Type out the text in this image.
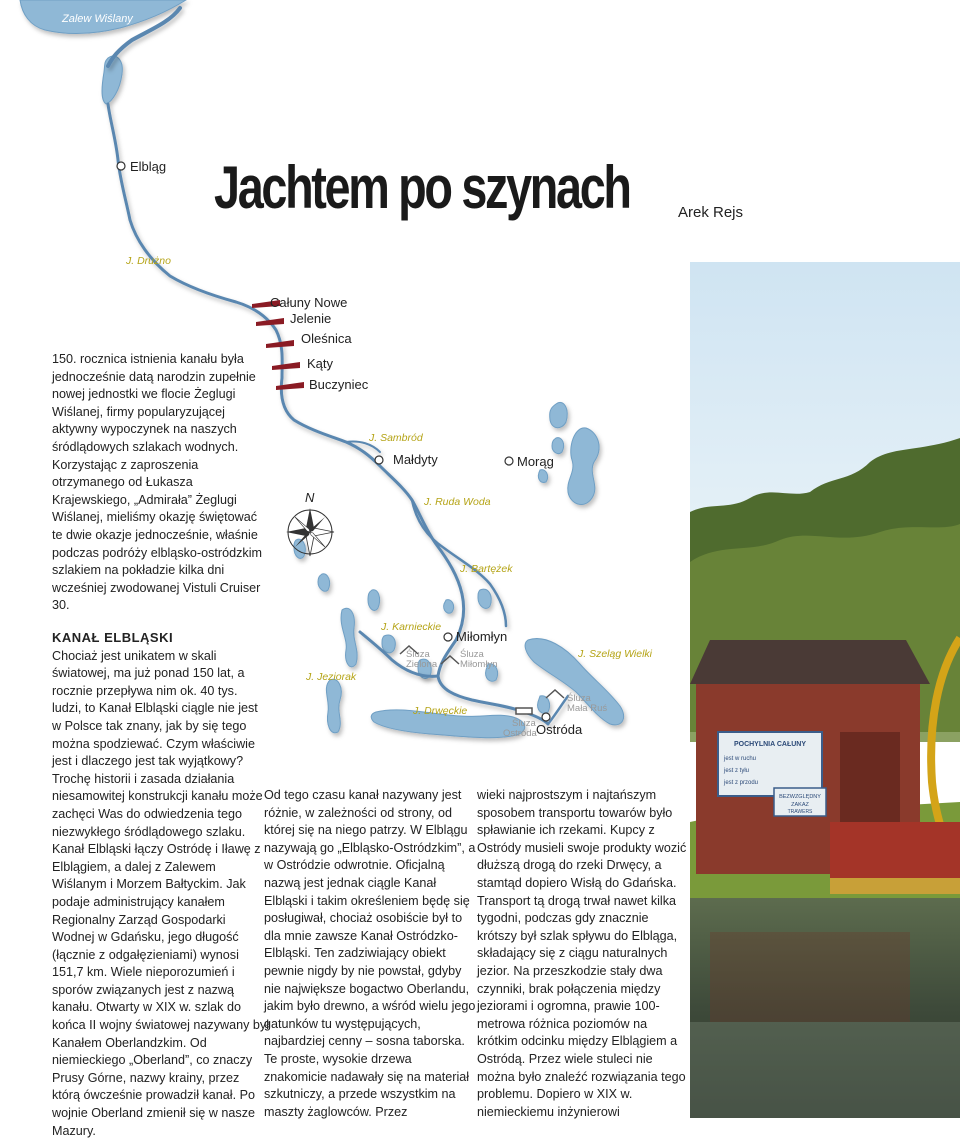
Zalew Wiślany
Elbląg
J. Drużno
Całuny Nowe
Jelenie
Oleśnica
Kąty
Buczyniec
J. Sambród
Małdyty	Morąg
N	J. Ruda Woda
J. Bartężek
J. Karnieckie
Miłomłyn
Śluza
Zielona
Śluza
Miłomłyn
J. Szeląg Wielki
J. Jeziorak
Śluza
Mała Ruś
J. Drwęckie
Śluza
Ostróda Ostróda
Jachtem po szynach	Arek Rejs

150. rocznica istnienia kanału była jednocześnie datą narodzin zupełnie nowej jednostki we flocie Żeglugi Wiślanej, firmy popularyzującej aktywny wypoczynek na naszych śródlądowych szlakach wodnych. Korzystając z zaproszenia otrzymanego od Łukasza Krajewskiego, „Admirała” Żeglugi Wiślanej, mieliśmy okazję świętować te dwie okazje jednocześnie, właśnie podczas podróży elbląsko-ostródzkim szlakiem na pokładzie kilka dni wcześniej zwodowanej Vistuli Cruiser 30.

KANAŁ ELBLĄSKI

Chociaż jest unikatem w skali światowej, ma już ponad 150 lat, a rocznie przepływa nim ok. 40 tys. ludzi, to Kanał Elbląski ciągle nie jest w Polsce tak znany, jak by się tego można spodziewać. Czym właściwie jest i dlaczego jest tak wyjątkowy? Trochę historii i zasada działania niesamowitej konstrukcji kanału może zachęci Was do odwiedzenia tego niezwykłego śródlądowego szlaku. Kanał Elbląski łączy Ostródę i Iławę z Elblągiem, a dalej z Zalewem Wiślanym i Morzem Bałtyckim. Jak podaje administrujący kanałem Regionalny Zarząd Gospodarki Wodnej w Gdańsku, jego długość (łącznie z odgałęzieniami) wynosi 151,7 km. Wiele nieporozumień i sporów związanych jest z nazwą kanału. Otwarty w XIX w. szlak do końca II wojny światowej nazywany był Kanałem Oberlandzkim. Od niemieckiego „Oberland”, co znaczy Prusy Górne, nazwy krainy, przez którą ówcześnie prowadził kanał. Po wojnie Oberland zmienił się w nasze Mazury.

Od tego czasu kanał nazywany jest różnie, w zależności od strony, od której się na niego patrzy. W Elblągu nazywają go „Elbląsko-Ostródzkim”, a w Ostródzie odwrotnie. Oficjalną nazwą jest jednak ciągle Kanał Elbląski i takim określeniem będę się posługiwał, chociaż osobiście był to dla mnie zawsze Kanał Ostródzko-Elbląski. Ten zadziwiający obiekt pewnie nigdy by nie powstał, gdyby nie największe bogactwo Oberlandu, jakim było drewno, a wśród wielu jego gatunków tu występujących, najbardziej cenny – sosna taborska. Te proste, wysokie drzewa znakomicie nadawały się na materiał szkutniczy, a przede wszystkim na maszty żaglowców. Przez

wieki najprostszym i najtańszym sposobem transportu towarów było spławianie ich rzekami. Kupcy z Ostródy musieli swoje produkty wozić dłuższą drogą do rzeki Drwęcy, a stamtąd dopiero Wisłą do Gdańska. Transport tą drogą trwał nawet kilka tygodni, podczas gdy znacznie krótszy był szlak spływu do Elbląga, składający się z ciągu naturalnych jezior. Na przeszkodzie stały dwa czynniki, brak połączenia między jeziorami i ogromna, prawie 100-metrowa różnica poziomów na krótkim odcinku między Elblągiem a Ostródą. Przez wiele stuleci nie można było znaleźć rozwiązania tego problemu. Dopiero w XIX w. niemieckiemu inżynierowi

POCHYLNIA CAŁUNY
jest w ruchu
jest z tyłu
jest z przodu
BEZWZGLĘDNY
ZAKAZ
TRAWERS
